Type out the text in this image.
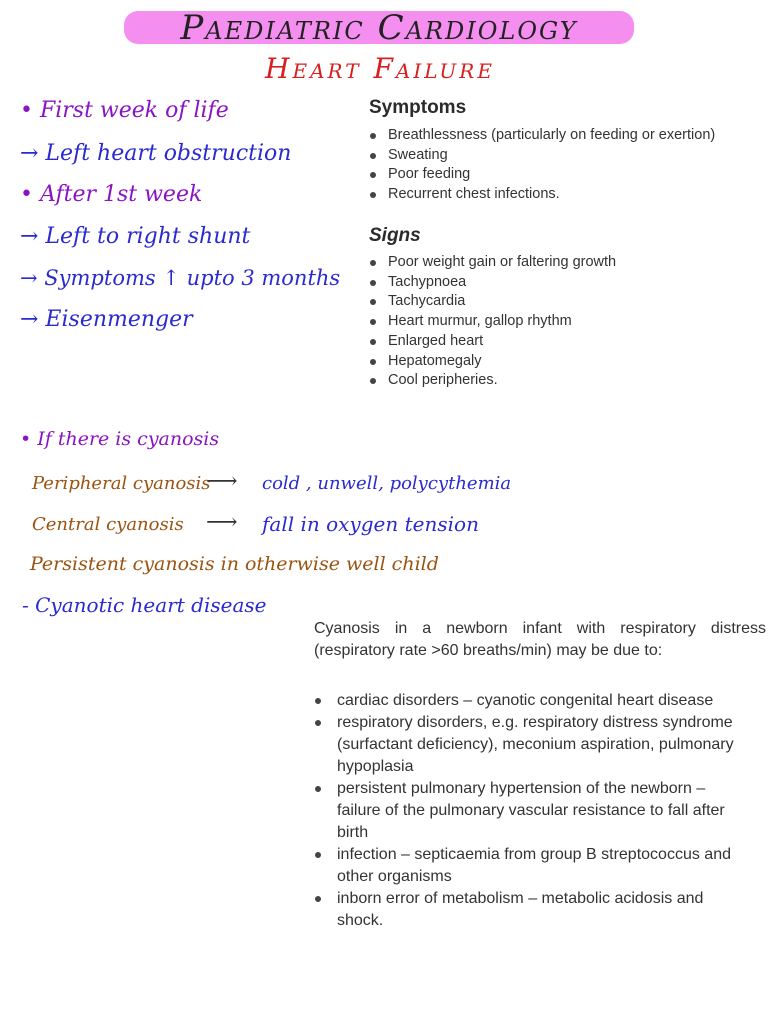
Paediatric Cardiology
Heart Failure
• First week of life
→ Left heart obstruction
• After 1st week
→ Left to right shunt
→ Symptoms ↑ upto 3 months
→ Eisenmenger
Symptoms
Breathlessness (particularly on feeding or exertion)
Sweating
Poor feeding
Recurrent chest infections.
Signs
Poor weight gain or faltering growth
Tachypnoea
Tachycardia
Heart murmur, gallop rhythm
Enlarged heart
Hepatomegaly
Cool peripheries.
• If there is cyanosis
Peripheral cyanosis
⟶ cold , unwell, polycythemia
Central cyanosis ⟶ fall in oxygen tension
Persistent cyanosis in otherwise well child
- Cyanotic heart disease
Cyanosis in a newborn infant with respiratory distress (respiratory rate >60 breaths/min) may be due to:
cardiac disorders – cyanotic congenital heart disease
respiratory disorders, e.g. respiratory distress syndrome (surfactant deficiency), meconium aspiration, pulmonary hypoplasia
persistent pulmonary hypertension of the newborn – failure of the pulmonary vascular resistance to fall after birth
infection – septicaemia from group B streptococcus and other organisms
inborn error of metabolism – metabolic acidosis and shock.
